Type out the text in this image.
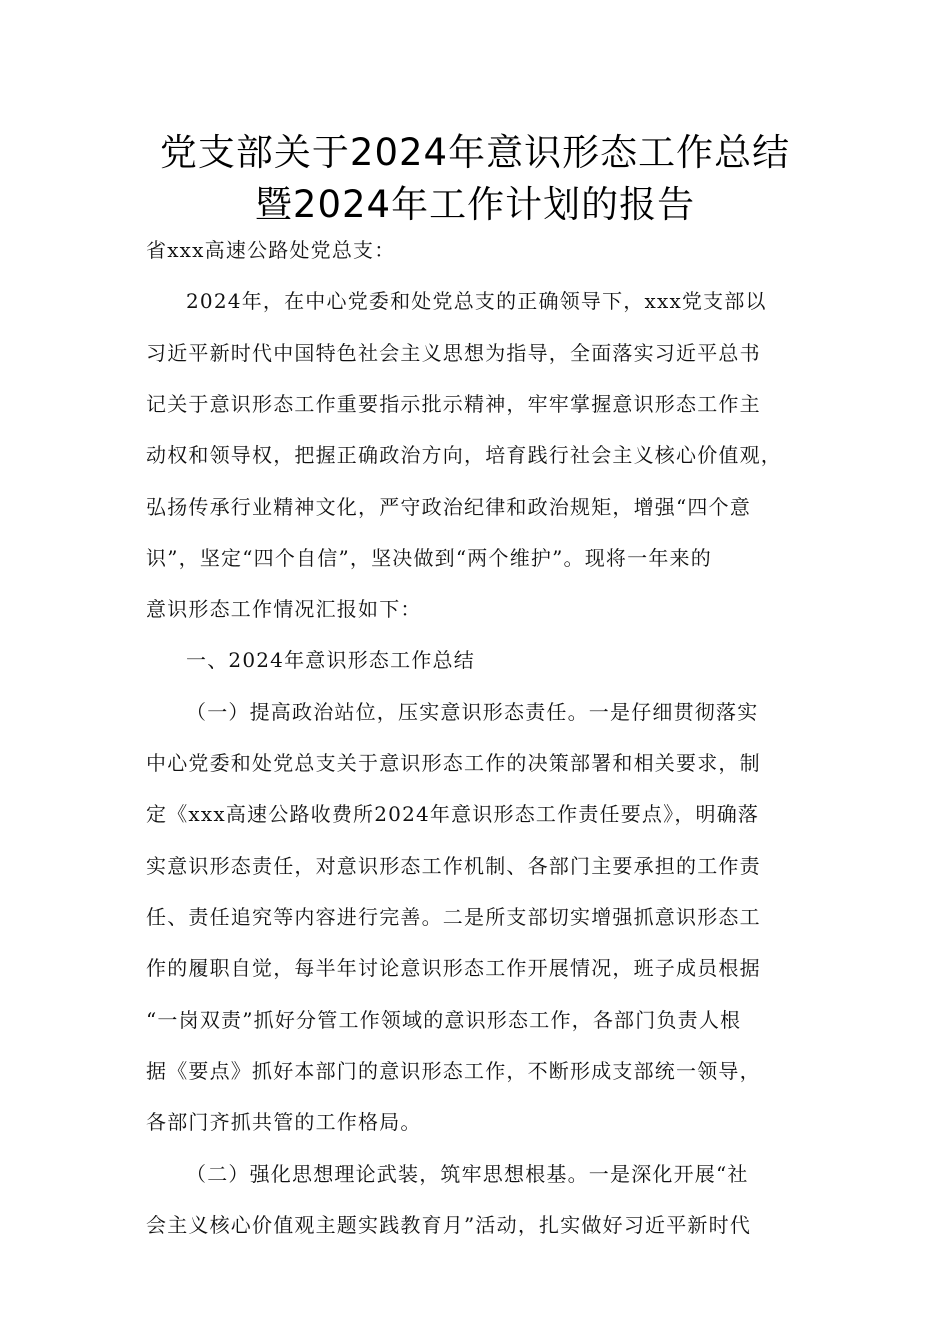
党支部关于2024年意识形态工作总结
暨2024年工作计划的报告
省xxx高速公路处党总支：
2024年，在中心党委和处党总支的正确领导下，xxx党支部以
习近平新时代中国特色社会主义思想为指导，全面落实习近平总书
记关于意识形态工作重要指示批示精神，牢牢掌握意识形态工作主
动权和领导权，把握正确政治方向，培育践行社会主义核心价值观，
弘扬传承行业精神文化，严守政治纪律和政治规矩，增强“四个意
识”，坚定“四个自信”，坚决做到“两个维护”。现将一年来的
意识形态工作情况汇报如下：
一、2024年意识形态工作总结
（一）提高政治站位，压实意识形态责任。一是仔细贯彻落实
中心党委和处党总支关于意识形态工作的决策部署和相关要求，制
定《xxx高速公路收费所2024年意识形态工作责任要点》，明确落
实意识形态责任，对意识形态工作机制、各部门主要承担的工作责
任、责任追究等内容进行完善。二是所支部切实增强抓意识形态工
作的履职自觉，每半年讨论意识形态工作开展情况，班子成员根据
“一岗双责”抓好分管工作领域的意识形态工作，各部门负责人根
据《要点》抓好本部门的意识形态工作，不断形成支部统一领导，
各部门齐抓共管的工作格局。
（二）强化思想理论武装，筑牢思想根基。一是深化开展“社
会主义核心价值观主题实践教育月”活动，扎实做好习近平新时代
